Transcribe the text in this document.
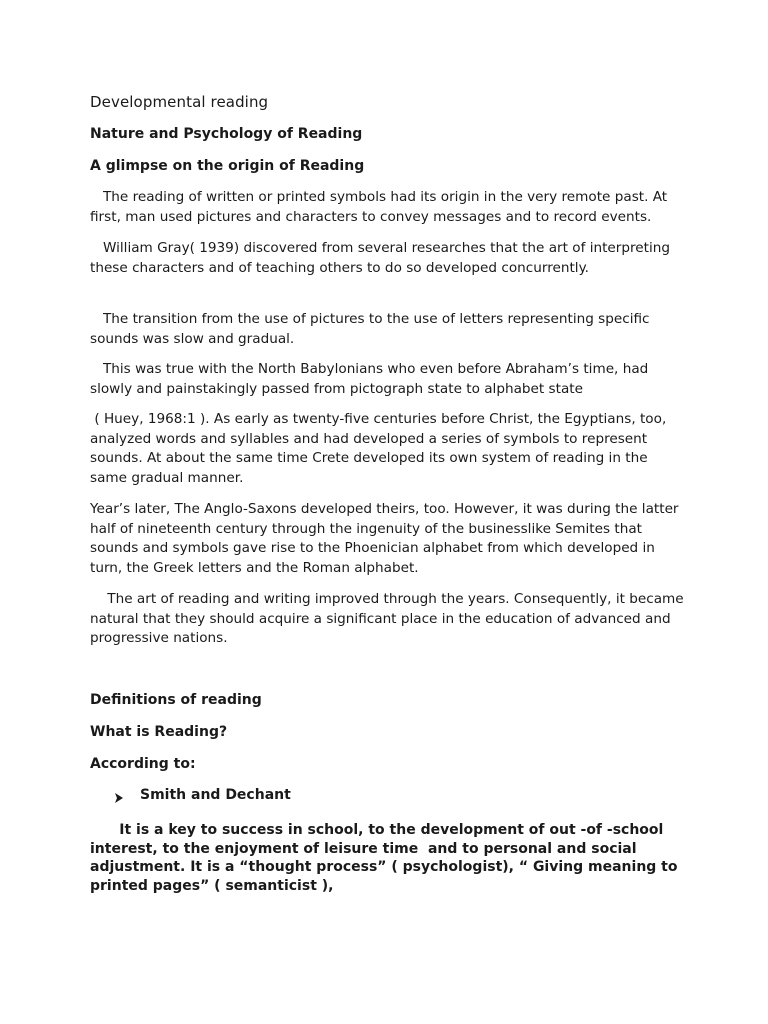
Developmental reading
Nature and Psychology of Reading
A glimpse on the origin of Reading

The reading of written or printed symbols had its origin in the very remote past. At first, man used pictures and characters to convey messages and to record events.

William Gray( 1939) discovered from several researches that the art of interpreting these characters and of teaching others to do so developed concurrently.

The transition from the use of pictures to the use of letters representing specific sounds was slow and gradual.

This was true with the North Babylonians who even before Abraham’s time, had slowly and painstakingly passed from pictograph state to alphabet state

( Huey, 1968:1 ). As early as twenty-five centuries before Christ, the Egyptians, too, analyzed words and syllables and had developed a series of symbols to represent sounds. At about the same time Crete developed its own system of reading in the same gradual manner.

Year’s later, The Anglo-Saxons developed theirs, too. However, it was during the latter half of nineteenth century through the ingenuity of the businesslike Semites that sounds and symbols gave rise to the Phoenician alphabet from which developed in turn, the Greek letters and the Roman alphabet.

The art of reading and writing improved through the years. Consequently, it became natural that they should acquire a significant place in the education of advanced and progressive nations.

Definitions of reading
What is Reading?
According to:
Smith and Dechant

It is a key to success in school, to the development of out -of -school interest, to the enjoyment of leisure time  and to personal and social adjustment. It is a “thought process” ( psychologist), “ Giving meaning to printed pages” ( semanticist ),
